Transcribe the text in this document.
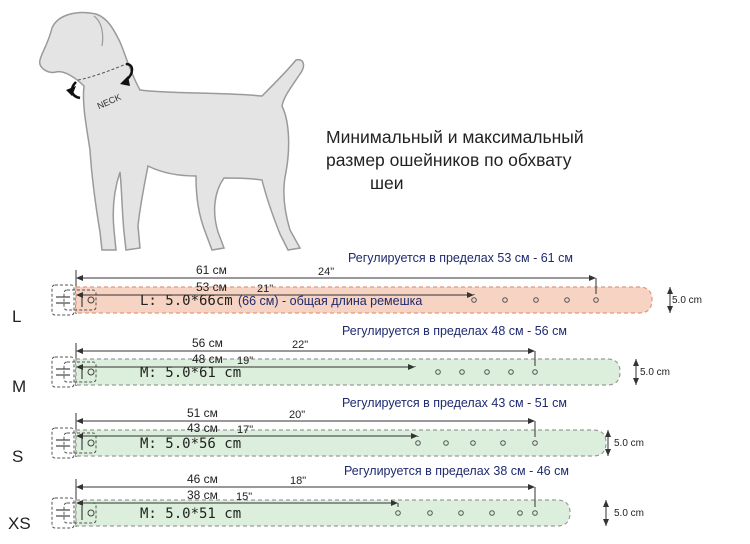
NECK
Минимальный и максимальный
размер ошейников по обхвату
шеи
Регулируется в пределах 53 см - 61 см
61 см
53 см
24"
21"
L
L: 5.0*66cm (66 см) - общая длина ремешка	5.0 cm
Регулируется в пределах 48 см - 56 см
56 см
48 см
22"
19"
M
M: 5.0*61 cm	5.0 cm
Регулируется в пределах 43 см - 51 см
51 см
43 см
20"
17"
S
M: 5.0*56 cm	5.0 cm
Регулируется в пределах 38 см - 46 см
46 см
38 см
18"
15"
XS	M: 5.0*51 cm	5.0 cm
